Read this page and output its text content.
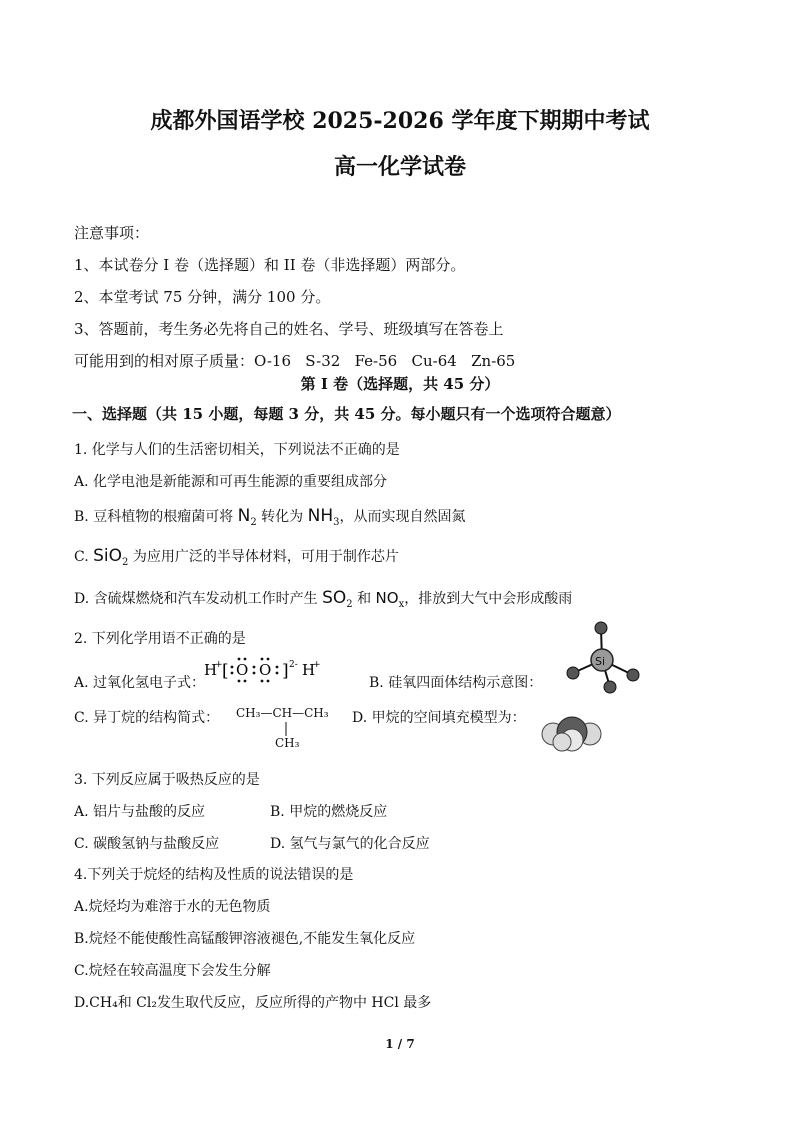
成都外国语学校 2025-2026 学年度下期期中考试
高一化学试卷
注意事项：
1、本试卷分 I 卷（选择题）和 II 卷（非选择题）两部分。
2、本堂考试 75 分钟，满分 100 分。
3、答题前，考生务必先将自己的姓名、学号、班级填写在答卷上
可能用到的相对原子质量：O-16   S-32   Fe-56   Cu-64   Zn-65
第 I 卷（选择题，共 45 分）
一、选择题（共 15 小题，每题 3 分，共 45 分。每小题只有一个选项符合题意）
1. 化学与人们的生活密切相关，下列说法不正确的是
A. 化学电池是新能源和可再生能源的重要组成部分
B. 豆科植物的根瘤菌可将 $N_2$ 转化为 $NH_3$，从而实现自然固氮
C. SiO$_2$ 为应用广泛的半导体材料，可用于制作芯片
D. 含硫煤燃烧和汽车发动机工作时产生 $SO_2$ 和 $NO_x$，排放到大气中会形成酸雨
2. 下列化学用语不正确的是
A. 过氧化氢电子式：
H
+ [ O O ] 2- H
+
B. 硅氧四面体结构示意图：
Si
C. 异丁烷的结构简式： CH₃—CH—CH₃
CH₃
D. 甲烷的空间填充模型为：
3. 下列反应属于吸热反应的是
A. 铝片与盐酸的反应	B. 甲烷的燃烧反应
C. 碳酸氢钠与盐酸反应	D. 氢气与氯气的化合反应
4.下列关于烷烃的结构及性质的说法错误的是
A.烷烃均为难溶于水的无色物质
B.烷烃不能使酸性高锰酸钾溶液褪色,不能发生氧化反应
C.烷烃在较高温度下会发生分解
D.CH₄和 Cl₂发生取代反应，反应所得的产物中 HCl 最多
1 / 7
